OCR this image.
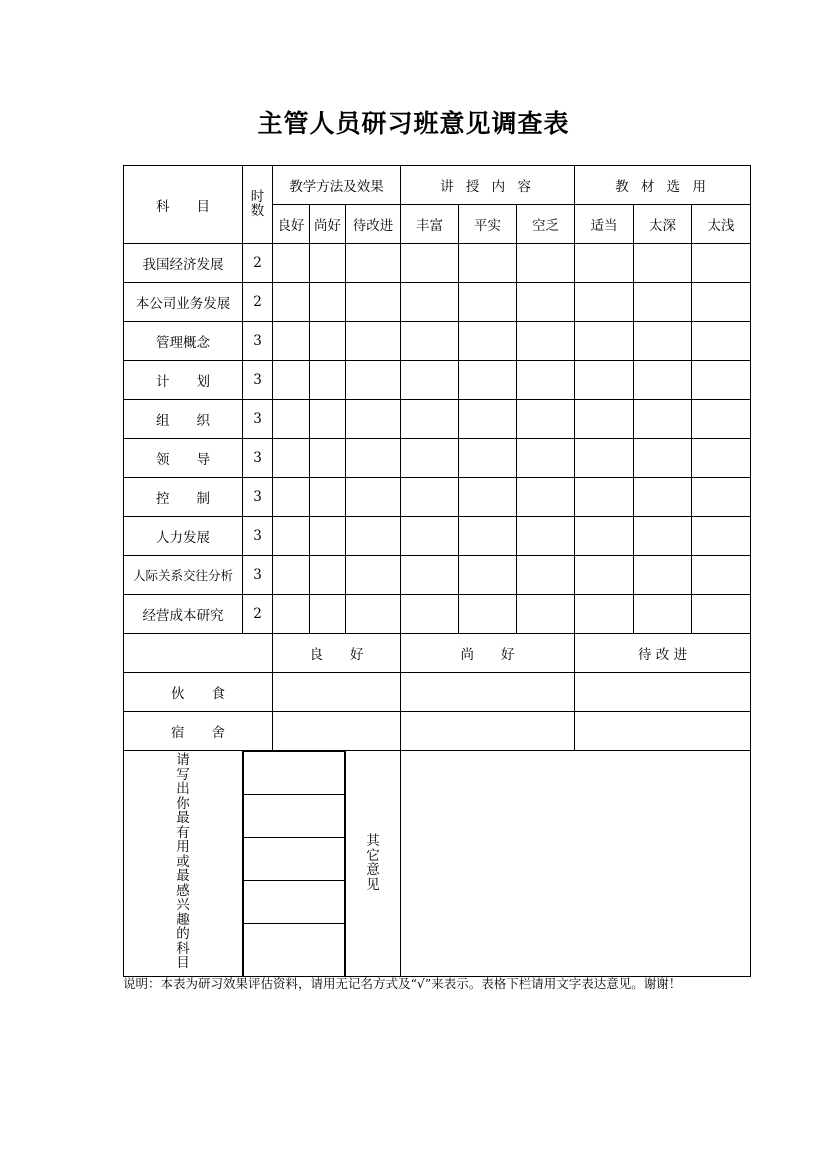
主管人员研习班意见调查表
科　　目	时数	教学方法及效果	讲 授 内 容	教 材 选 用
良好	尚好	待改进	丰富	平实	空乏	适当	太深	太浅
我国经济发展	2									
本公司业务发展	2									
管理概念	3									
计　　划	3									
组　　织	3									
领　　导	3									
控　　制	3									
人力发展	3									
人际关系交往分析	3									
经营成本研究	2									
	良　　好	尚　　好	待 改 进
伙　　食			
宿　　舍			
请写出你最有用或最感兴趣的科目	

	其它意见	
说明：本表为研习效果评估资料，请用无记名方式及“√”来表示。表格下栏请用文字表达意见。谢谢！
